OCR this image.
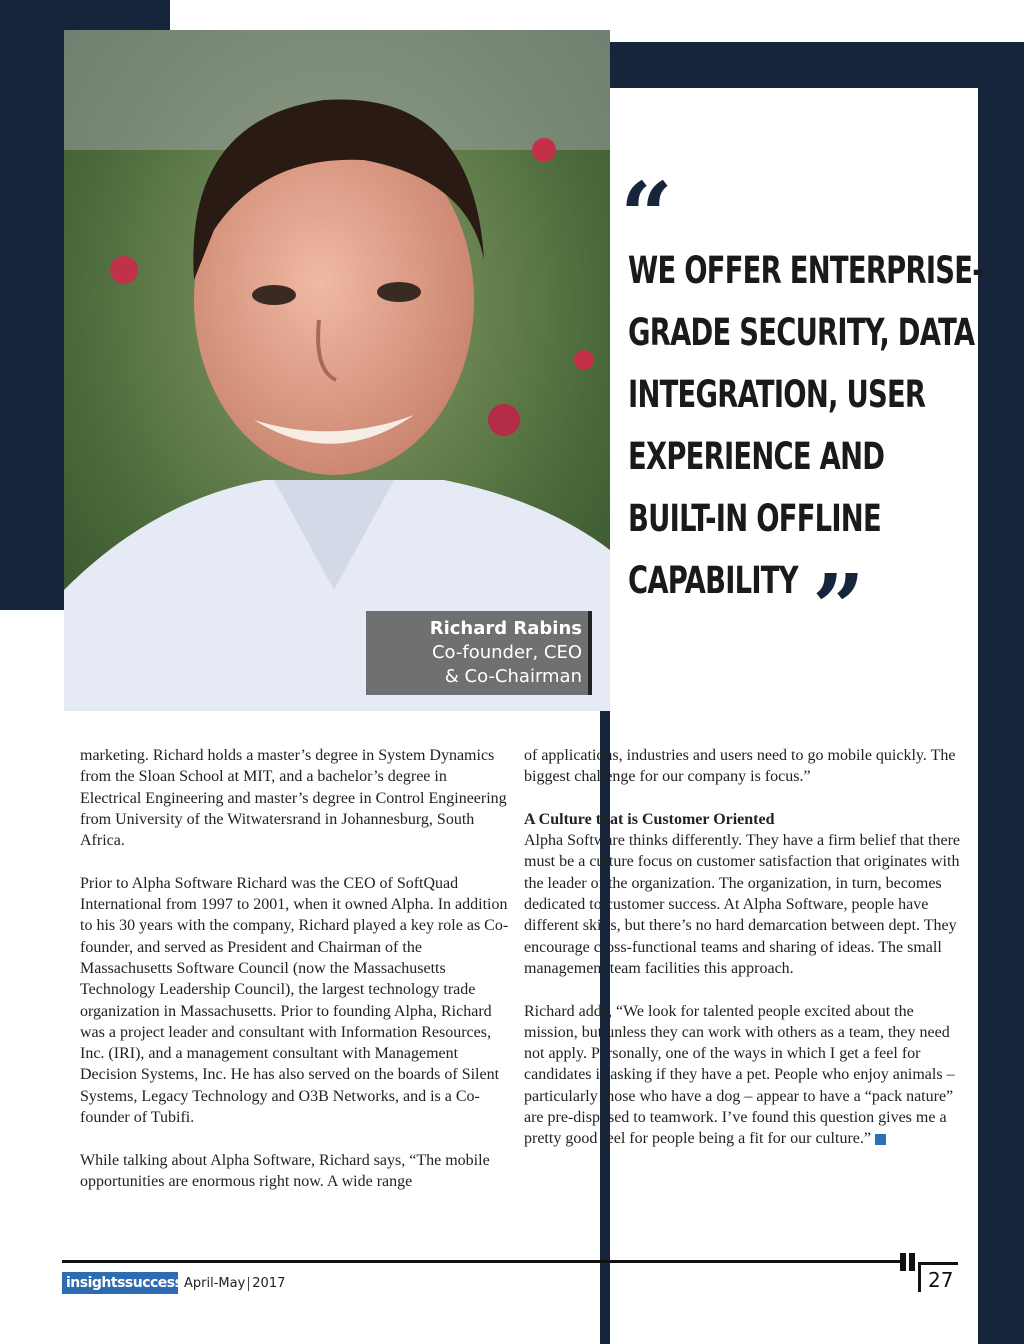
Richard Rabins
Co-founder, CEO
& Co-Chairman
“
WE OFFER ENTERPRISE-
GRADE SECURITY, DATA
INTEGRATION, USER
EXPERIENCE AND
BUILT-IN OFFLINE
CAPABILITY ”

marketing. Richard holds a master’s degree in System Dynamics from the Sloan School at MIT, and a bachelor’s degree in Electrical Engineering and master’s degree in Control Engineering from University of the Witwatersrand in Johannesburg, South Africa.

Prior to Alpha Software Richard was the CEO of SoftQuad International from 1997 to 2001, when it owned Alpha. In addition to his 30 years with the company, Richard played a key role as Co-founder, and served as President and Chairman of the Massachusetts Software Council (now the Massachusetts Technology Leadership Council), the largest technology trade organization in Massachusetts. Prior to founding Alpha, Richard was a project leader and consultant with Information Resources, Inc. (IRI), and a management consultant with Management Decision Systems, Inc. He has also served on the boards of Silent Systems, Legacy Technology and O3B Networks, and is a Co-founder of Tubifi.

While talking about Alpha Software, Richard says, “The mobile opportunities are enormous right now. A wide range

of applications, industries and users need to go mobile quickly. The biggest challenge for our company is focus.”

A Culture that is Customer Oriented

Alpha Software thinks differently. They have a firm belief that there must be a culture focus on customer satisfaction that originates with the leader of the organization. The organization, in turn, becomes dedicated to customer success. At Alpha Software, people have different skills, but there’s no hard demarcation between dept. They encourage cross-functional teams and sharing of ideas. The small management team facilities this approach.

Richard adds, “We look for talented people excited about the mission, but unless they can work with others as a team, they need not apply. Personally, one of the ways in which I get a feel for candidates is asking if they have a pet. People who enjoy animals – particularly those who have a dog – appear to have a “pack nature” are pre-disposed to teamwork. I’ve found this question gives me a pretty good feel for people being a fit for our culture.”

27
insightssuccess April-May 2017
